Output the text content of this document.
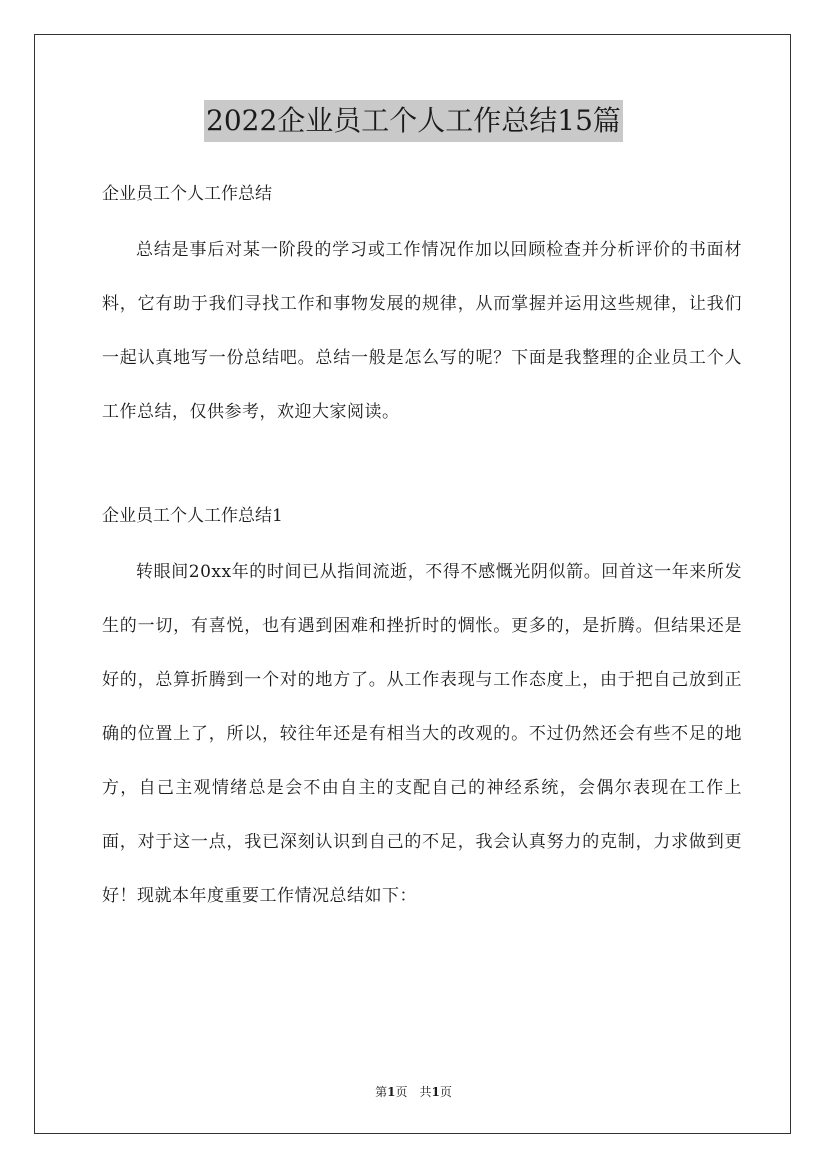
2022企业员工个人工作总结15篇

企业员工个人工作总结

总结是事后对某一阶段的学习或工作情况作加以回顾检查并分析评价的书面材料，它有助于我们寻找工作和事物发展的规律，从而掌握并运用这些规律，让我们一起认真地写一份总结吧。总结一般是怎么写的呢？下面是我整理的企业员工个人工作总结，仅供参考，欢迎大家阅读。

企业员工个人工作总结1

转眼间20xx年的时间已从指间流逝，不得不感慨光阴似箭。回首这一年来所发生的一切，有喜悦，也有遇到困难和挫折时的惆怅。更多的，是折腾。但结果还是好的，总算折腾到一个对的地方了。从工作表现与工作态度上，由于把自己放到正确的位置上了，所以，较往年还是有相当大的改观的。不过仍然还会有些不足的地方，自己主观情绪总是会不由自主的支配自己的神经系统，会偶尔表现在工作上面，对于这一点，我已深刻认识到自己的不足，我会认真努力的克制，力求做到更好！现就本年度重要工作情况总结如下：

第1页 共1页
